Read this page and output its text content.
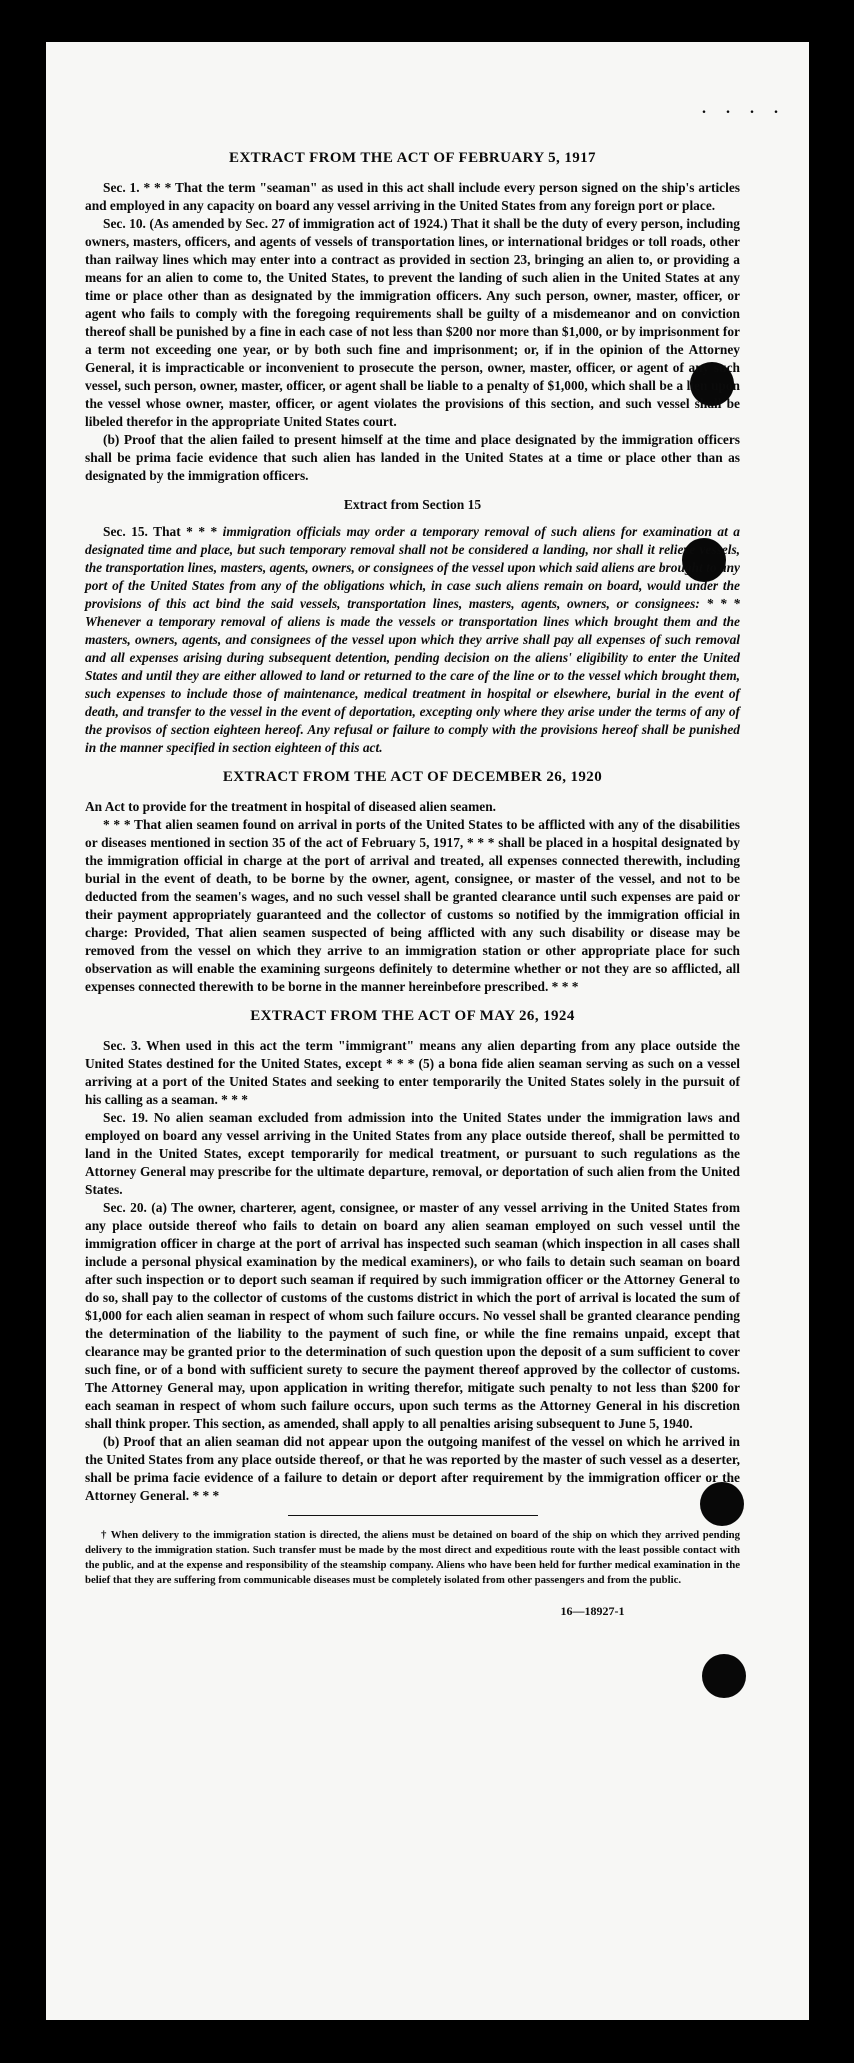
. . . .
EXTRACT FROM THE ACT OF FEBRUARY 5, 1917

Sec. 1. * * * That the term "seaman" as used in this act shall include every person signed on the ship's articles and employed in any capacity on board any vessel arriving in the United States from any foreign port or place.

Sec. 10. (As amended by Sec. 27 of immigration act of 1924.) That it shall be the duty of every person, including owners, masters, officers, and agents of vessels of transportation lines, or international bridges or toll roads, other than railway lines which may enter into a contract as provided in section 23, bringing an alien to, or providing a means for an alien to come to, the United States, to prevent the landing of such alien in the United States at any time or place other than as designated by the immigration officers. Any such person, owner, master, officer, or agent who fails to comply with the foregoing requirements shall be guilty of a misdemeanor and on conviction thereof shall be punished by a fine in each case of not less than $200 nor more than $1,000, or by imprisonment for a term not exceeding one year, or by both such fine and imprisonment; or, if in the opinion of the Attorney General, it is impracticable or inconvenient to prosecute the person, owner, master, officer, or agent of any such vessel, such person, owner, master, officer, or agent shall be liable to a penalty of $1,000, which shall be a lien upon the vessel whose owner, master, officer, or agent violates the provisions of this section, and such vessel shall be libeled therefor in the appropriate United States court.

(b) Proof that the alien failed to present himself at the time and place designated by the immigration officers shall be prima facie evidence that such alien has landed in the United States at a time or place other than as designated by the immigration officers.

Extract from Section 15

Sec. 15. That * * * immigration officials may order a temporary removal of such aliens for examination at a designated time and place, but such temporary removal shall not be considered a landing, nor shall it relieve vessels, the transportation lines, masters, agents, owners, or consignees of the vessel upon which said aliens are brought to any port of the United States from any of the obligations which, in case such aliens remain on board, would under the provisions of this act bind the said vessels, transportation lines, masters, agents, owners, or consignees: * * * Whenever a temporary removal of aliens is made the vessels or transportation lines which brought them and the masters, owners, agents, and consignees of the vessel upon which they arrive shall pay all expenses of such removal and all expenses arising during subsequent detention, pending decision on the aliens' eligibility to enter the United States and until they are either allowed to land or returned to the care of the line or to the vessel which brought them, such expenses to include those of maintenance, medical treatment in hospital or elsewhere, burial in the event of death, and transfer to the vessel in the event of deportation, excepting only where they arise under the terms of any of the provisos of section eighteen hereof. Any refusal or failure to comply with the provisions hereof shall be punished in the manner specified in section eighteen of this act.

EXTRACT FROM THE ACT OF DECEMBER 26, 1920

An Act to provide for the treatment in hospital of diseased alien seamen.

* * * That alien seamen found on arrival in ports of the United States to be afflicted with any of the disabilities or diseases mentioned in section 35 of the act of February 5, 1917, * * * shall be placed in a hospital designated by the immigration official in charge at the port of arrival and treated, all expenses connected therewith, including burial in the event of death, to be borne by the owner, agent, consignee, or master of the vessel, and not to be deducted from the seamen's wages, and no such vessel shall be granted clearance until such expenses are paid or their payment appropriately guaranteed and the collector of customs so notified by the immigration official in charge: Provided, That alien seamen suspected of being afflicted with any such disability or disease may be removed from the vessel on which they arrive to an immigration station or other appropriate place for such observation as will enable the examining surgeons definitely to determine whether or not they are so afflicted, all expenses connected therewith to be borne in the manner hereinbefore prescribed. * * *

EXTRACT FROM THE ACT OF MAY 26, 1924

Sec. 3. When used in this act the term "immigrant" means any alien departing from any place outside the United States destined for the United States, except * * * (5) a bona fide alien seaman serving as such on a vessel arriving at a port of the United States and seeking to enter temporarily the United States solely in the pursuit of his calling as a seaman. * * *

Sec. 19. No alien seaman excluded from admission into the United States under the immigration laws and employed on board any vessel arriving in the United States from any place outside thereof, shall be permitted to land in the United States, except temporarily for medical treatment, or pursuant to such regulations as the Attorney General may prescribe for the ultimate departure, removal, or deportation of such alien from the United States.

Sec. 20. (a) The owner, charterer, agent, consignee, or master of any vessel arriving in the United States from any place outside thereof who fails to detain on board any alien seaman employed on such vessel until the immigration officer in charge at the port of arrival has inspected such seaman (which inspection in all cases shall include a personal physical examination by the medical examiners), or who fails to detain such seaman on board after such inspection or to deport such seaman if required by such immigration officer or the Attorney General to do so, shall pay to the collector of customs of the customs district in which the port of arrival is located the sum of $1,000 for each alien seaman in respect of whom such failure occurs. No vessel shall be granted clearance pending the determination of the liability to the payment of such fine, or while the fine remains unpaid, except that clearance may be granted prior to the determination of such question upon the deposit of a sum sufficient to cover such fine, or of a bond with sufficient surety to secure the payment thereof approved by the collector of customs. The Attorney General may, upon application in writing therefor, mitigate such penalty to not less than $200 for each seaman in respect of whom such failure occurs, upon such terms as the Attorney General in his discretion shall think proper. This section, as amended, shall apply to all penalties arising subsequent to June 5, 1940.

(b) Proof that an alien seaman did not appear upon the outgoing manifest of the vessel on which he arrived in the United States from any place outside thereof, or that he was reported by the master of such vessel as a deserter, shall be prima facie evidence of a failure to detain or deport after requirement by the immigration officer or the Attorney General. * * *

† When delivery to the immigration station is directed, the aliens must be detained on board of the ship on which they arrived pending delivery to the immigration station. Such transfer must be made by the most direct and expeditious route with the least possible contact with the public, and at the expense and responsibility of the steamship company. Aliens who have been held for further medical examination in the belief that they are suffering from communicable diseases must be completely isolated from other passengers and from the public.

16—18927-1
